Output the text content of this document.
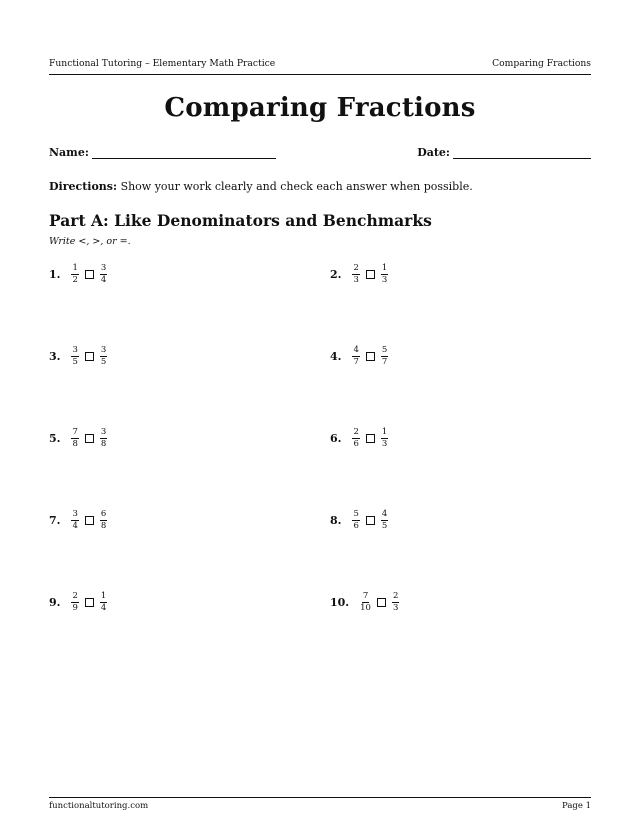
Functional Tutoring – Elementary Math Practice	Comparing Fractions
Comparing Fractions
Name:	Date:
Directions: Show your work clearly and check each answer when possible.
Part A: Like Denominators and Benchmarks
Write <, >, or =.
1. $\frac{1}{2} \frac{3}{4}$	2. $\frac{2}{3} \frac{1}{3}$
3. $\frac{3}{5} \frac{3}{5}$	4. $\frac{4}{7} \frac{5}{7}$
5. $\frac{7}{8} \frac{3}{8}$	6. $\frac{2}{6} \frac{1}{3}$
7. $\frac{3}{4} \frac{6}{8}$	8. $\frac{5}{6} \frac{4}{5}$
9. $\frac{2}{9} \frac{1}{4}$	10. $\frac{7}{10} \frac{2}{3}$
functionaltutoring.com	Page 1
